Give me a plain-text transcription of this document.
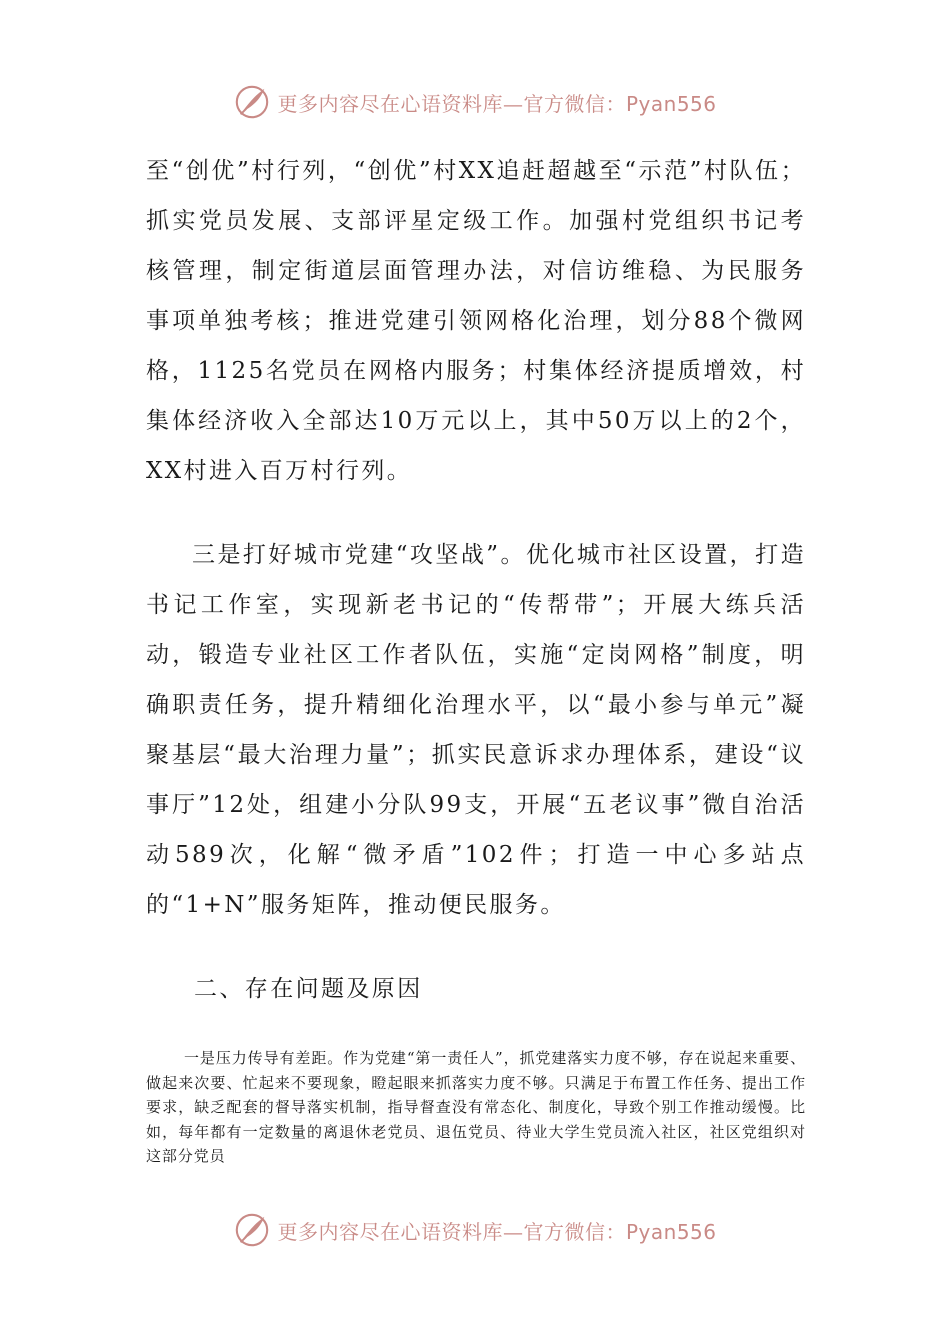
更多内容尽在心语资料库—官方微信：Pyan556

至“创优”村行列，“创优”村XX追赶超越至“示范”村队伍；抓实党员发展、支部评星定级工作。加强村党组织书记考核管理，制定街道层面管理办法，对信访维稳、为民服务事项单独考核；推进党建引领网格化治理，划分88个微网格，1125名党员在网格内服务；村集体经济提质增效，村集体经济收入全部达10万元以上，其中50万以上的2个，XX村进入百万村行列。

三是打好城市党建“攻坚战”。优化城市社区设置，打造书记工作室，实现新老书记的“传帮带”；开展大练兵活动，锻造专业社区工作者队伍，实施“定岗网格”制度，明确职责任务，提升精细化治理水平，以“最小参与单元”凝聚基层“最大治理力量”；抓实民意诉求办理体系，建设“议事厅”12处，组建小分队99支，开展“五老议事”微自治活动589次，化解“微矛盾”102件；打造一中心多站点的“1+N”服务矩阵，推动便民服务。

二、存在问题及原因

一是压力传导有差距。作为党建“第一责任人”，抓党建落实力度不够，存在说起来重要、做起来次要、忙起来不要现象，瞪起眼来抓落实力度不够。只满足于布置工作任务、提出工作要求，缺乏配套的督导落实机制，指导督查没有常态化、制度化，导致个别工作推动缓慢。比如，每年都有一定数量的离退休老党员、退伍党员、待业大学生党员流入社区，社区党组织对这部分党员

更多内容尽在心语资料库—官方微信：Pyan556
